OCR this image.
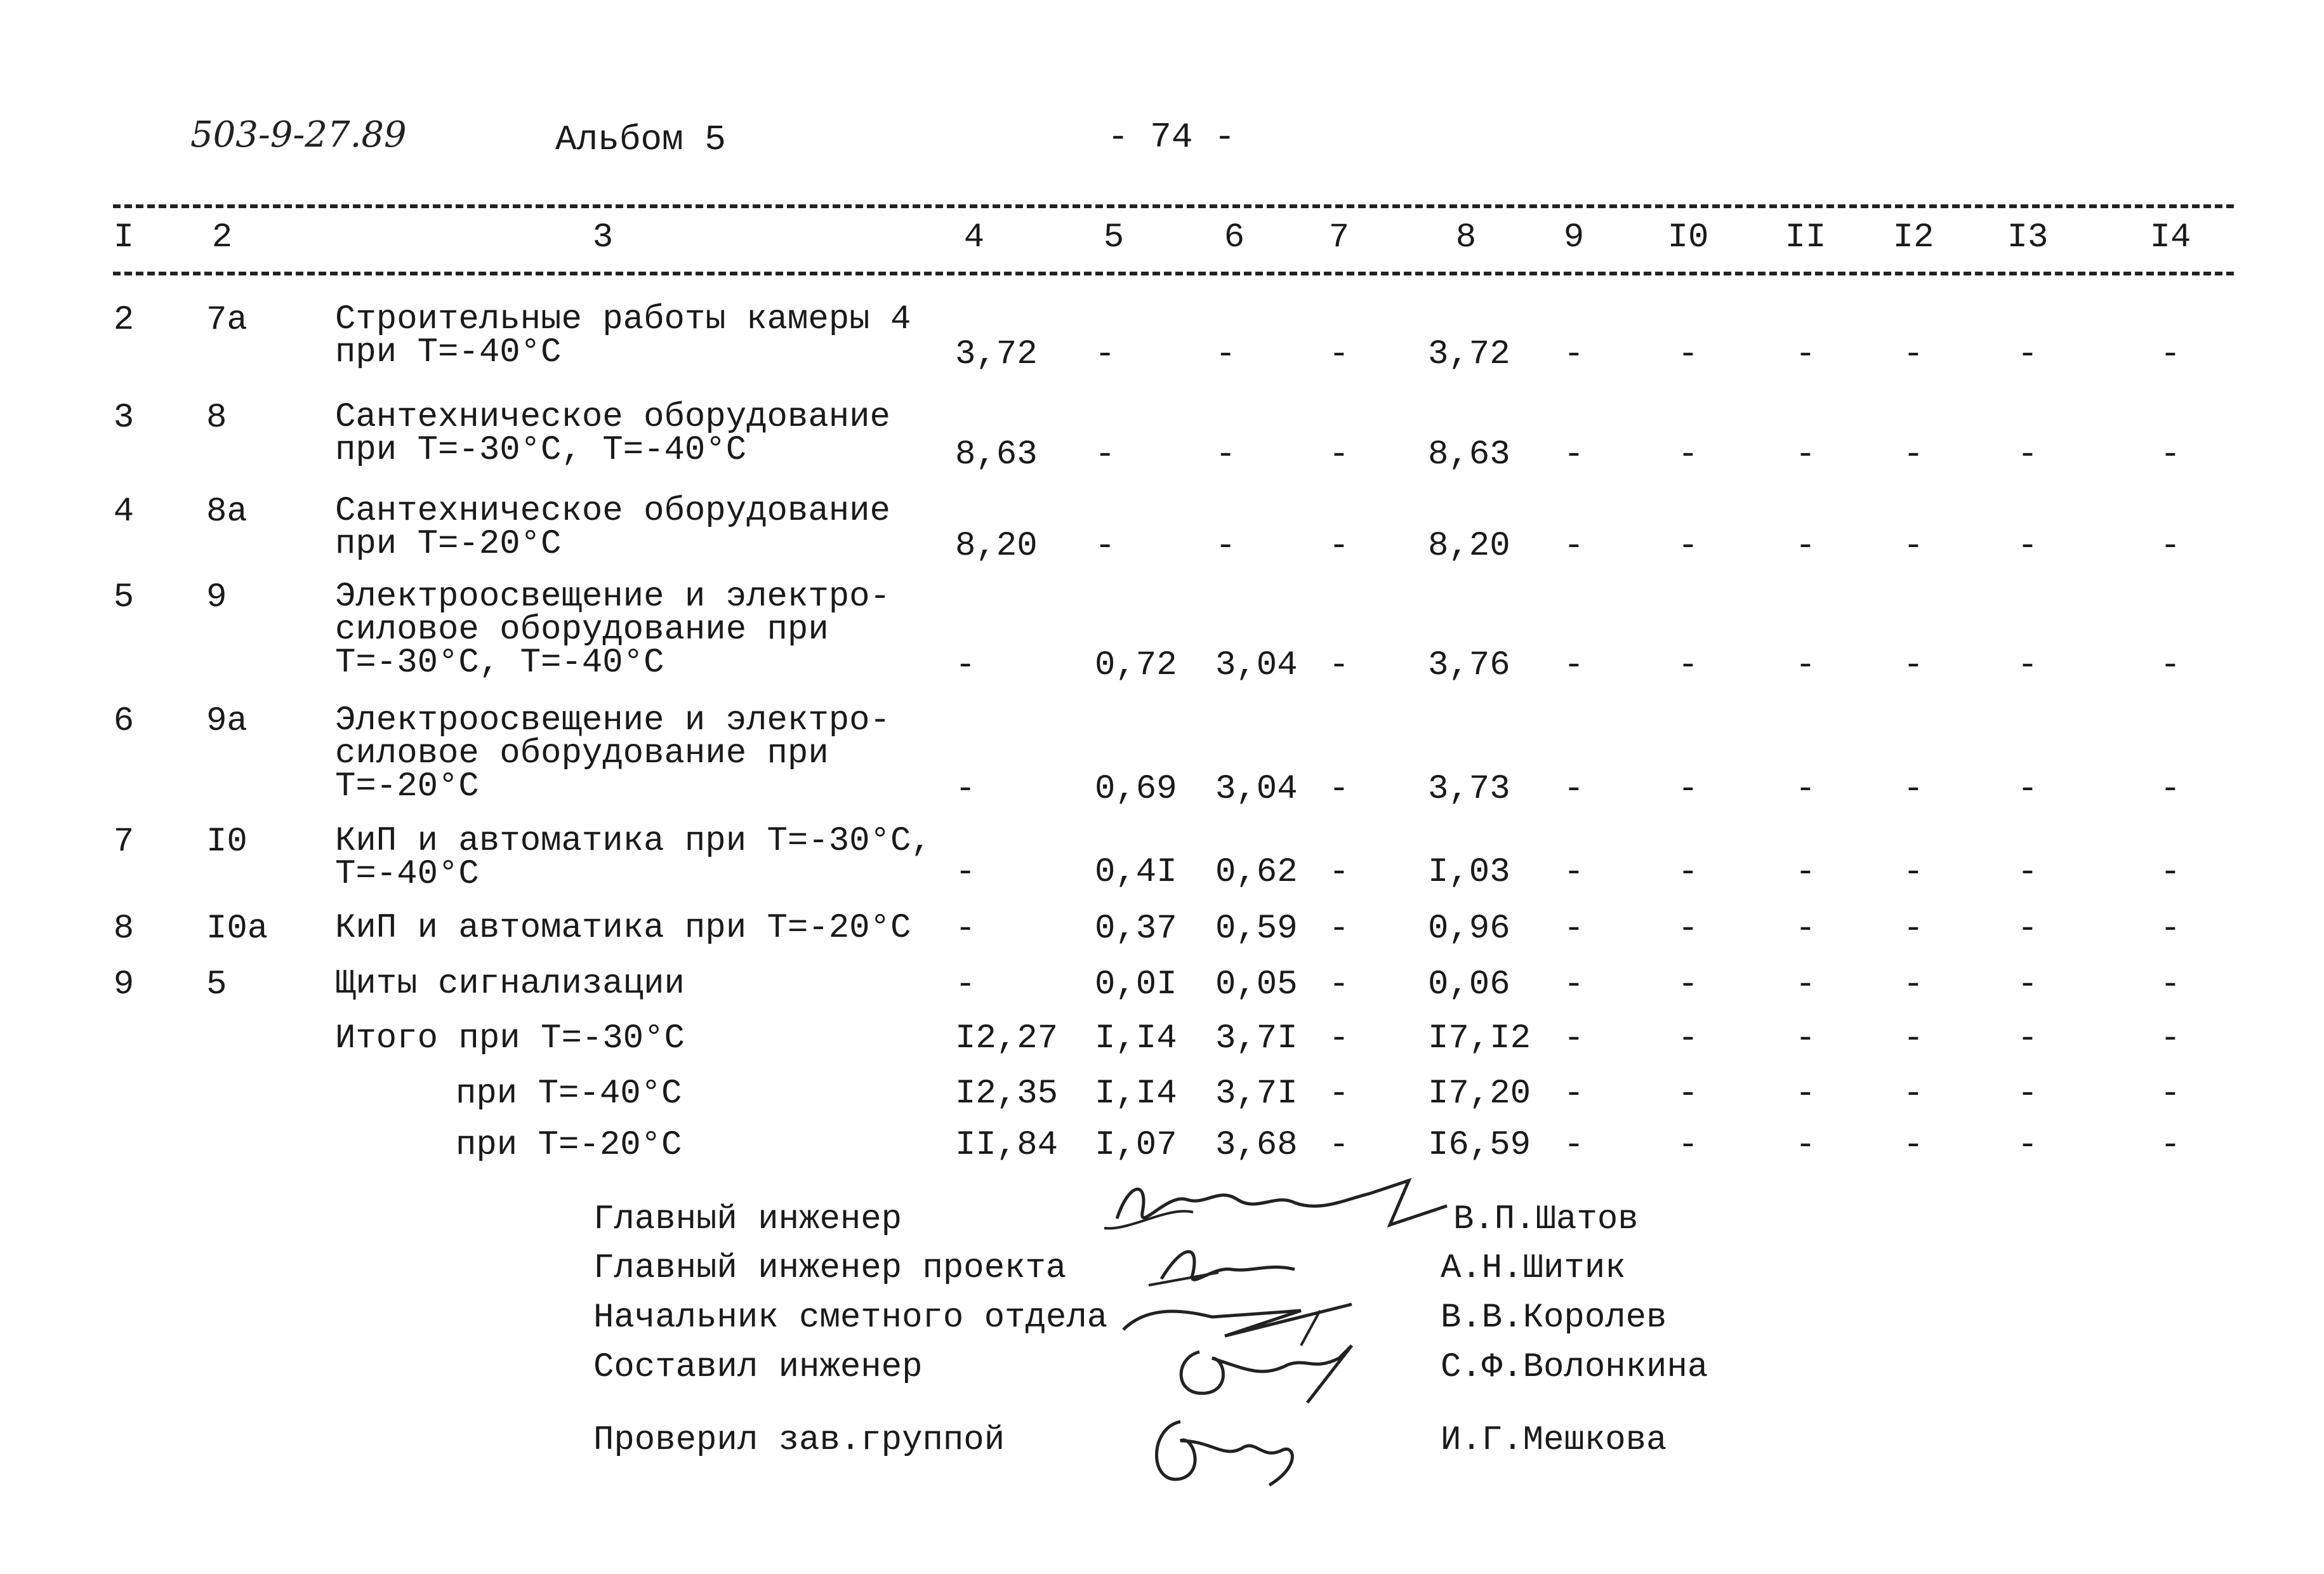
503-9-27.89	Альбом 5	- 74 -
I 2	3	4	5	6 7	8	9 I0 II I2 I3	I4
2 7а	Строительные работы камеры 4
при Т=-40°С	3,72	-	-	- 3,72	-	-	-	-	-	-
3 8	Сантехническое оборудование
при Т=-30°С, Т=-40°С	8,63	-	-	- 8,63	-	-	-	-	-	-
4 8а	Сантехническое оборудование
при Т=-20°С	8,20	-	-	- 8,20	-	-	-	-	-	-
5 9	Электроосвещение и электро-
силовое оборудование при
Т=-30°С, Т=-40°С	-	0,72	3,04 - 3,76	-	-	-	-	-	-
6 9а	Электроосвещение и электро-
силовое оборудование при
Т=-20°С	-	0,69	3,04 - 3,73	-	-	-	-	-	-
7 I0	КиП и автоматика при Т=-30°С,
Т=-40°С	-	0,4I	0,62 - I,03	-	-	-	-	-	-
8 I0а КиП и автоматика при Т=-20°С -	0,37	0,59 - 0,96	-	-	-	-	-	-
9 5	Щиты сигнализации	-	0,0I	0,05 - 0,06	-	-	-	-	-	-
Итого при Т=-30°С	I2,27 I,I4	3,7I - I7,I2 -	-	-	-	-	-
при Т=-40°С	I2,35 I,I4	3,7I - I7,20 -	-	-	-	-	-
при Т=-20°С	II,84 I,07	3,68 - I6,59 -	-	-	-	-	-
Главный инженер	В.П.Шатов
Главный инженер проекта	А.Н.Шитик
Начальник сметного отдела	В.В.Королев
Составил инженер	С.Ф.Волонкина
Проверил зав.группой	И.Г.Мешкова
